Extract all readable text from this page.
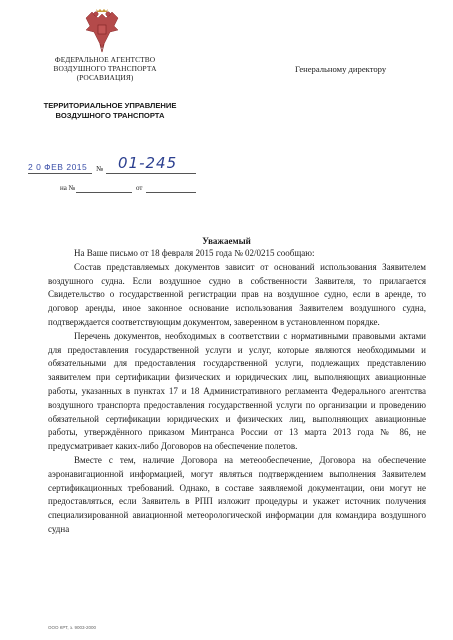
ФЕДЕРАЛЬНОЕ АГЕНТСТВО
ВОЗДУШНОГО ТРАНСПОРТА
(РОСАВИАЦИЯ)
Генеральному директору
ТЕРРИТОРИАЛЬНОЕ УПРАВЛЕНИЕ
ВОЗДУШНОГО ТРАНСПОРТА
2 0 ФЕВ 2015 № 01-245
на №	от
Уважаемый

На Ваше письмо от 18 февраля 2015 года № 02/0215 сообщаю:

Состав представляемых документов зависит от оснований использования Заявителем воздушного судна. Если воздушное судно в собственности Заявителя, то прилагается Свидетельство о государственной регистрации прав на воздушное судно, если в аренде, то договор аренды, иное законное основание использования Заявителем воздушного судна, подтверждается соответствующим документом, заверенном в установленном порядке.

Перечень документов, необходимых в соответствии с нормативными правовыми актами для предоставления государственной услуги и услуг, которые являются необходимыми и обязательными для предоставления государственной услуги, подлежащих представлению заявителем при сертификации физических и юридических лиц, выполняющих авиационные работы, указанных в пунктах 17 и 18 Административного регламента Федерального агентства воздушного транспорта предоставления государственной услуги по организации и проведению обязательной сертификации юридических и физических лиц, выполняющих авиационные работы, утверждённого приказом Минтранса России от 13 марта 2013 года № 86, не предусматривает каких-либо Договоров на обеспечение полетов.

Вместе с тем, наличие Договора на метеообеспечение, Договора на обеспечение аэронавигационной информацией, могут являться подтверждением выполнения Заявителем сертификационных требований. Однако, в составе заявляемой документации, они могут не предоставляться, если Заявитель в РПП изложит процедуры и укажет источник получения специализированной авиационной метеорологической информации для командира воздушного судна

ООО КРТ, з. 9003-2000
